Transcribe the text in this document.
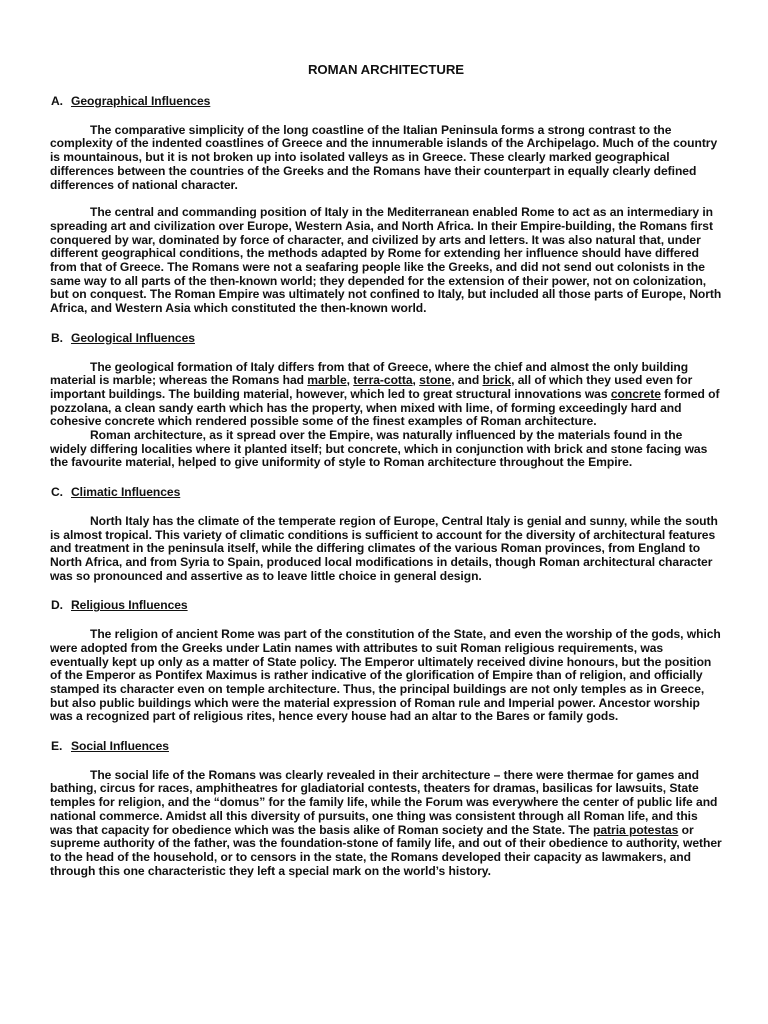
ROMAN ARCHITECTURE
A. Geographical Influences

The comparative simplicity of the long coastline of the Italian Peninsula forms a strong contrast to the complexity of the indented coastlines of Greece and the innumerable islands of the Archipelago. Much of the country is mountainous, but it is not broken up into isolated valleys as in Greece. These clearly marked geographical differences between the countries of the Greeks and the Romans have their counterpart in equally clearly defined differences of national character.

The central and commanding position of Italy in the Mediterranean enabled Rome to act as an intermediary in spreading art and civilization over Europe, Western Asia, and North Africa. In their Empire-building, the Romans first conquered by war, dominated by force of character, and civilized by arts and letters. It was also natural that, under different geographical conditions, the methods adapted by Rome for extending her influence should have differed from that of Greece. The Romans were not a seafaring people like the Greeks, and did not send out colonists in the same way to all parts of the then-known world; they depended for the extension of their power, not on colonization, but on conquest. The Roman Empire was ultimately not confined to Italy, but included all those parts of Europe, North Africa, and Western Asia which constituted the then-known world.

B. Geological Influences

The geological formation of Italy differs from that of Greece, where the chief and almost the only building material is marble; whereas the Romans had marble, terra-cotta, stone, and brick, all of which they used even for important buildings. The building material, however, which led to great structural innovations was concrete formed of pozzolana, a clean sandy earth which has the property, when mixed with lime, of forming exceedingly hard and cohesive concrete which rendered possible some of the finest examples of Roman architecture.

Roman architecture, as it spread over the Empire, was naturally influenced by the materials found in the widely differing localities where it planted itself; but concrete, which in conjunction with brick and stone facing was the favourite material, helped to give uniformity of style to Roman architecture throughout the Empire.

C. Climatic Influences

North Italy has the climate of the temperate region of Europe, Central Italy is genial and sunny, while the south is almost tropical. This variety of climatic conditions is sufficient to account for the diversity of architectural features and treatment in the peninsula itself, while the differing climates of the various Roman provinces, from England to North Africa, and from Syria to Spain, produced local modifications in details, though Roman architectural character was so pronounced and assertive as to leave little choice in general design.

D. Religious Influences

The religion of ancient Rome was part of the constitution of the State, and even the worship of the gods, which were adopted from the Greeks under Latin names with attributes to suit Roman religious requirements, was eventually kept up only as a matter of State policy. The Emperor ultimately received divine honours, but the position of the Emperor as Pontifex Maximus is rather indicative of the glorification of Empire than of religion, and officially stamped its character even on temple architecture. Thus, the principal buildings are not only temples as in Greece, but also public buildings which were the material expression of Roman rule and Imperial power. Ancestor worship was a recognized part of religious rites, hence every house had an altar to the Bares or family gods.

E. Social Influences

The social life of the Romans was clearly revealed in their architecture – there were thermae for games and bathing, circus for races, amphitheatres for gladiatorial contests, theaters for dramas, basilicas for lawsuits, State temples for religion, and the “domus” for the family life, while the Forum was everywhere the center of public life and national commerce. Amidst all this diversity of pursuits, one thing was consistent through all Roman life, and this was that capacity for obedience which was the basis alike of Roman society and the State. The patria potestas or supreme authority of the father, was the foundation-stone of family life, and out of their obedience to authority, wether to the head of the household, or to censors in the state, the Romans developed their capacity as lawmakers, and through this one characteristic they left a special mark on the world’s history.
